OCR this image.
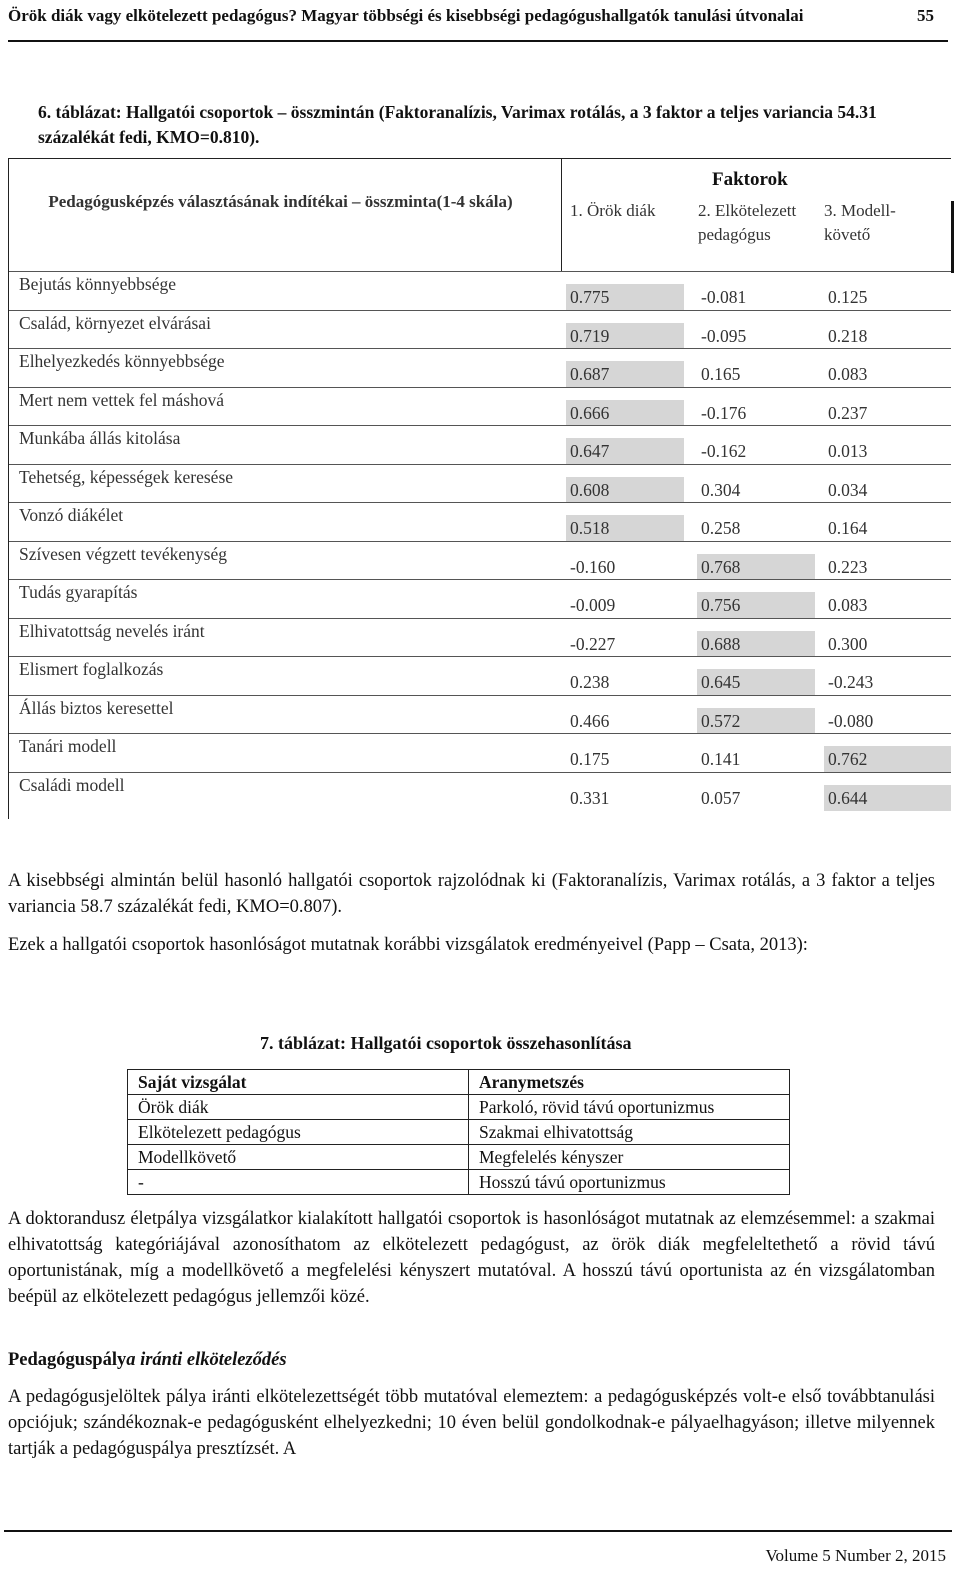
Örök diák vagy elkötelezett pedagógus? Magyar többségi és kisebbségi pedagógushallgatók tanulási útvonalai	55
6. táblázat: Hallgatói csoportok – összmintán (Faktoranalízis, Varimax rotálás, a 3 faktor a teljes variancia 54.31 százalékát fedi, KMO=0.810).
Pedagógusképzés választásának indítékai – összminta(1-4 skála)
Faktorok
1. Örök diák	2. Elkötelezett pedagógus
3. Modell-követő
Bejutás könnyebbsége
0.775	-0.081	0.125
Család, környezet elvárásai
0.719	-0.095	0.218
Elhelyezkedés könnyebbsége
0.687	0.165	0.083
Mert nem vettek fel máshová
0.666	-0.176	0.237
Munkába állás kitolása
0.647	-0.162	0.013
Tehetség, képességek keresése
0.608	0.304	0.034
Vonzó diákélet
0.518	0.258	0.164
Szívesen végzett tevékenység
-0.160	0.768	0.223
Tudás gyarapítás
-0.009	0.756	0.083
Elhivatottság nevelés iránt
-0.227	0.688	0.300
Elismert foglalkozás
0.238	0.645	-0.243
Állás biztos keresettel
0.466	0.572	-0.080
Tanári modell
0.175	0.141	0.762
Családi modell
0.331	0.057	0.644
A kisebbségi almintán belül hasonló hallgatói csoportok rajzolódnak ki (Faktoranalízis, Varimax rotálás, a 3 faktor a teljes variancia 58.7 százalékát fedi, KMO=0.807).
Ezek a hallgatói csoportok hasonlóságot mutatnak korábbi vizsgálatok eredményeivel (Papp – Csata, 2013):
7. táblázat: Hallgatói csoportok összehasonlítása
Saját vizsgálat	Aranymetszés
Örök diák	Parkoló, rövid távú oportunizmus
Elkötelezett pedagógus	Szakmai elhivatottság
Modellkövető	Megfelelés kényszer
-	Hosszú távú oportunizmus
A doktorandusz életpálya vizsgálatkor kialakított hallgatói csoportok is hasonlóságot mutatnak az elemzésemmel: a szakmai elhivatottság kategóriájával azonosíthatom az elkötelezett pedagógust, az örök diák megfeleltethető a rövid távú oportunistának, míg a modellkövető a megfelelési kényszert mutatóval. A hosszú távú oportunista az én vizsgálatomban beépül az elkötelezett pedagógus jellemzői közé.
Pedagóguspálya iránti elköteleződés
A pedagógusjelöltek pálya iránti elkötelezettségét több mutatóval elemeztem: a pedagógusképzés volt-e első továbbtanulási opciójuk; szándékoznak-e pedagógusként elhelyezkedni; 10 éven belül gondolkodnak-e pályaelhagyáson; illetve milyennek tartják a pedagóguspálya presztízsét. A
Volume 5 Number 2, 2015
